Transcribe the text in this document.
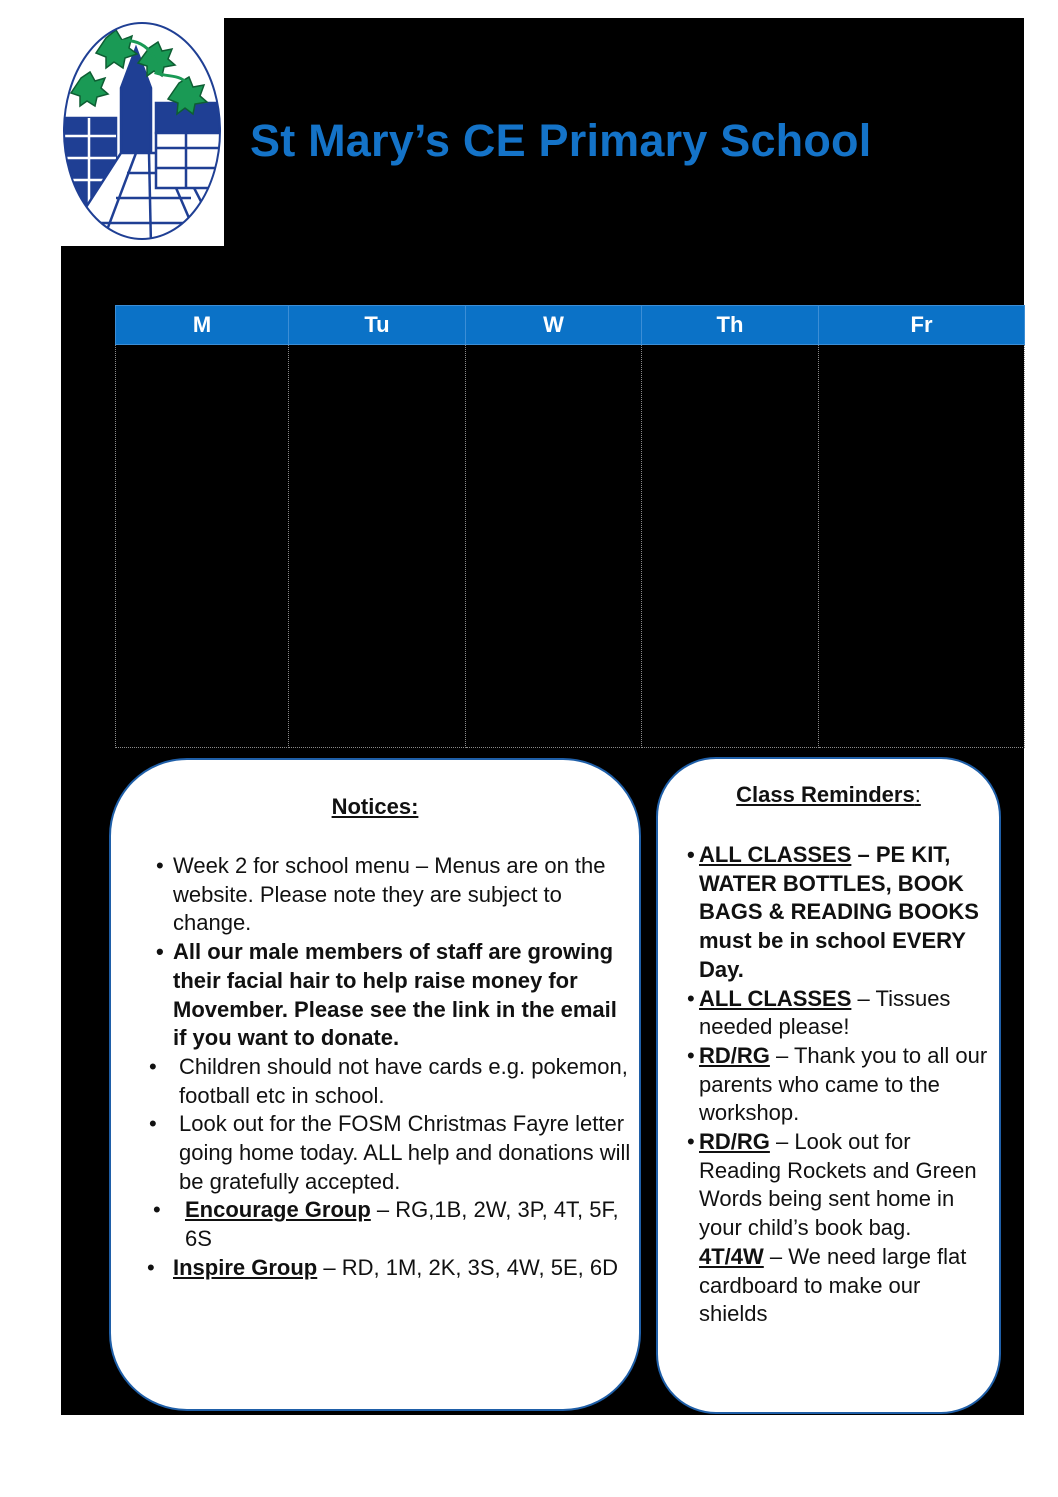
St Mary’s CE Primary School
M	Tu	W	Th	Fr

Notices:
• Week 2 for school menu – Menus are on the website. Please note they are subject to change.
• All our male members of staff are growing their facial hair to help raise money for Movember. Please see the link in the email if you want to donate.
• Children should not have cards e.g. pokemon, football etc in school.
• Look out for the FOSM Christmas Fayre letter going home today. ALL help and donations will be gratefully accepted.
• Encourage Group – RG,1B, 2W, 3P, 4T, 5F, 6S
• Inspire Group – RD, 1M, 2K, 3S, 4W, 5E, 6D
Class Reminders:
• ALL CLASSES – PE KIT, WATER BOTTLES, BOOK BAGS & READING BOOKS must be in school EVERY Day.
• ALL CLASSES – Tissues needed please!
• RD/RG – Thank you to all our parents who came to the workshop.
• RD/RG – Look out for Reading Rockets and Green Words being sent home in your child’s book bag.
4T/4W – We need large flat cardboard to make our shields
